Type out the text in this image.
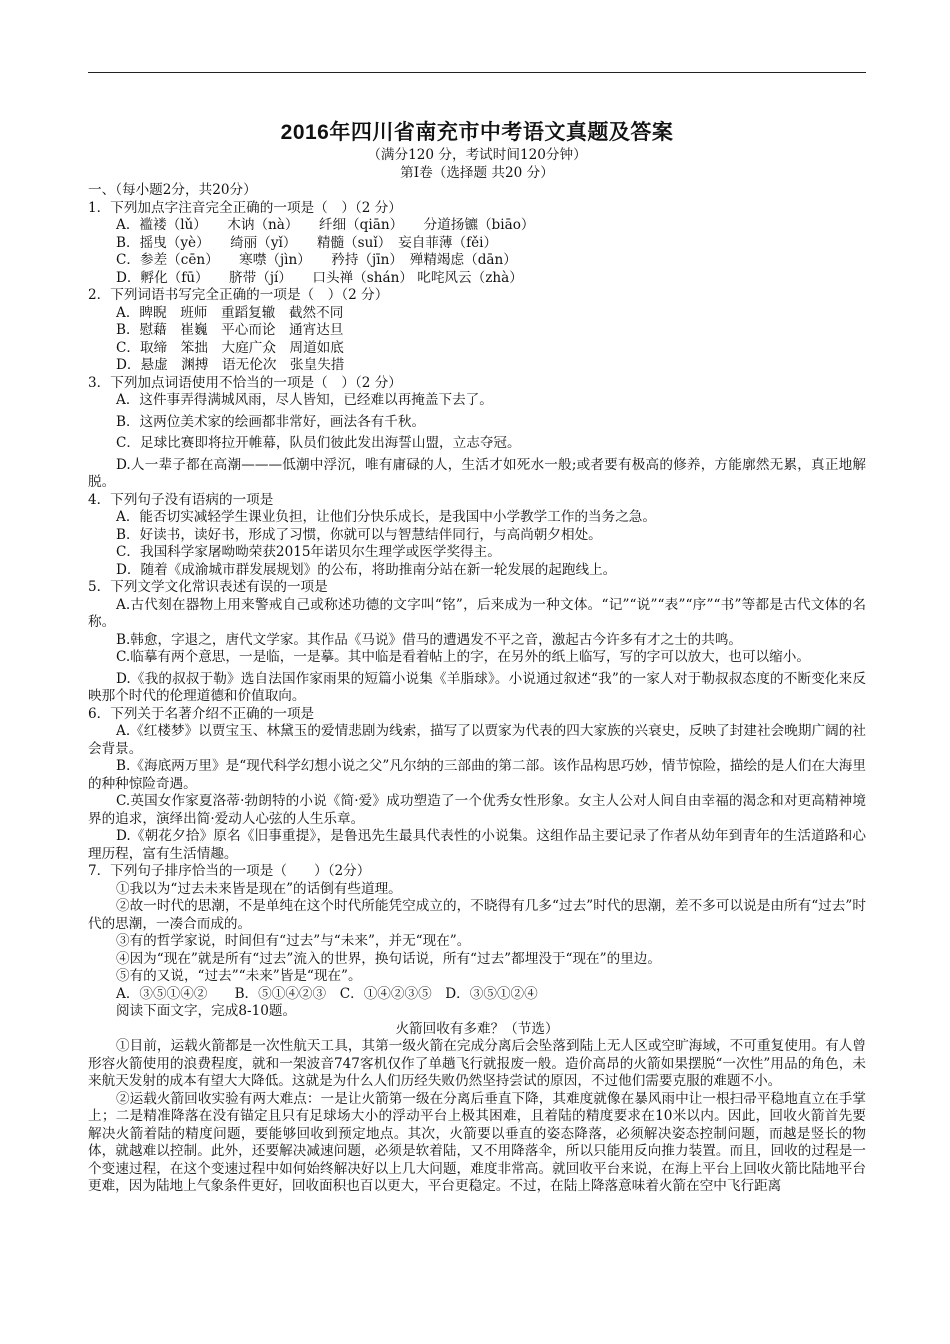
2016年四川省南充市中考语文真题及答案
（满分120 分，考试时间120分钟）
第Ⅰ卷（选择题 共20 分）
一、（每小题2分，共20分）
1．下列加点字注音完全正确的一项是（　）（2 分）
A．褴褛（lǔ）　　木讷（nà）　　纤细（qiān）　　分道扬镳（biāo）
B．摇曳（yè）　　绮丽（yǐ）　　精髓（suǐ）　妄自菲薄（fěi）
C．参差（cēn）　　寒噤（jìn）　　矜持（jīn）　殚精竭虑（dān）
D．孵化（fū）　　脐带（jí）　　口头禅（shán） 叱咤风云（zhà）
2．下列词语书写完全正确的一项是（　）（2 分）
A．睥睨　班师　重蹈复辙　截然不同
B．慰藉　崔巍　平心而论　通宵达旦
C．取缔　笨拙　大庭广众　周道如底
D．悬虚　渊搏　语无伦次　张皇失措
3．下列加点词语使用不恰当的一项是（　）（2 分）
A．这件事弄得满城风雨，尽人皆知，已经难以再掩盖下去了。
B．这两位美术家的绘画都非常好，画法各有千秋。
C．足球比赛即将拉开帷幕，队员们彼此发出海誓山盟，立志夺冠。
D.人一辈子都在高潮———低潮中浮沉，唯有庸碌的人，生活才如死水一般;或者要有极高的修养，方能廓然无累，真正地解脱。
4．下列句子没有语病的一项是
A．能否切实减轻学生课业负担，让他们分快乐成长，是我国中小学教学工作的当务之急。
B．好读书，读好书，形成了习惯，你就可以与智慧结伴同行，与高尚朝夕相处。
C．我国科学家屠呦呦荣获2015年诺贝尔生理学或医学奖得主。
D．随着《成渝城市群发展规划》的公布，将助推南分站在新一轮发展的起跑线上。
5．下列文学文化常识表述有误的一项是
A.古代刻在器物上用来警戒自己或称述功德的文字叫“铭”，后来成为一种文体。“记”“说”“表”“序”“书”等都是古代文体的名称。
B.韩愈，字退之，唐代文学家。其作品《马说》借马的遭遇发不平之音，激起古今许多有才之士的共鸣。
C.临摹有两个意思，一是临，一是摹。其中临是看着帖上的字，在另外的纸上临写，写的字可以放大，也可以缩小。
D.《我的叔叔于勒》选自法国作家雨果的短篇小说集《羊脂球》。小说通过叙述“我”的一家人对于勒叔叔态度的不断变化来反映那个时代的伦理道德和价值取向。
6．下列关于名著介绍不正确的一项是
A.《红楼梦》以贾宝玉、林黛玉的爱情悲剧为线索，描写了以贾家为代表的四大家族的兴衰史，反映了封建社会晚期广阔的社会背景。
B.《海底两万里》是“现代科学幻想小说之父”凡尔纳的三部曲的第二部。该作品构思巧妙，情节惊险，描绘的是人们在大海里的种种惊险奇遇。
C.英国女作家夏洛蒂·勃朗特的小说《简·爱》成功塑造了一个优秀女性形象。女主人公对人间自由幸福的渴念和对更高精神境界的追求，演绎出简·爱动人心弦的人生乐章。
D.《朝花夕拾》原名《旧事重提》，是鲁迅先生最具代表性的小说集。这组作品主要记录了作者从幼年到青年的生活道路和心理历程，富有生活情趣。
7．下列句子排序恰当的一项是（　　）（2分）
①我以为“过去未来皆是现在”的话倒有些道理。
②故一时代的思潮，不是单纯在这个时代所能凭空成立的，不晓得有几多“过去”时代的思潮，差不多可以说是由所有“过去”时代的思潮，一凑合而成的。
③有的哲学家说，时间但有“过去”与“未来”，并无“现在”。
④因为“现在”就是所有“过去”流入的世界，换句话说，所有“过去”都埋没于“现在”的里边。
⑤有的又说，“过去”“未来”皆是“现在”。
A．③⑤①④②　　B．⑤①④②③　C．①④②③⑤　D．③⑤①②④
阅读下面文字，完成8-10题。
火箭回收有多难？（节选）
①目前，运载火箭都是一次性航天工具，其第一级火箭在完成分离后会坠落到陆上无人区或空旷海域，不可重复使用。有人曾形容火箭使用的浪费程度，就和一架波音747客机仅作了单趟飞行就报废一般。造价高昂的火箭如果摆脱“一次性”用品的角色，未来航天发射的成本有望大大降低。这就是为什么人们历经失败仍然坚持尝试的原因，不过他们需要克服的难题不小。
②运载火箭回收实验有两大难点：一是让火箭第一级在分离后垂直下降，其难度就像在暴风雨中让一根扫帚平稳地直立在手掌上；二是精准降落在没有锚定且只有足球场大小的浮动平台上极其困难，且着陆的精度要求在10米以内。因此，回收火箭首先要解决火箭着陆的精度问题，要能够回收到预定地点。其次，火箭要以垂直的姿态降落，必须解决姿态控制问题，而越是竖长的物体，就越难以控制。此外，还要解决减速问题，必须是软着陆，又不用降落伞，所以只能用反向推力装置。而且，回收的过程是一个变速过程，在这个变速过程中如何始终解决好以上几大问题，难度非常高。就回收平台来说，在海上平台上回收火箭比陆地平台更难，因为陆地上气象条件更好，回收面积也百以更大，平台更稳定。不过，在陆上降落意味着火箭在空中飞行距离
